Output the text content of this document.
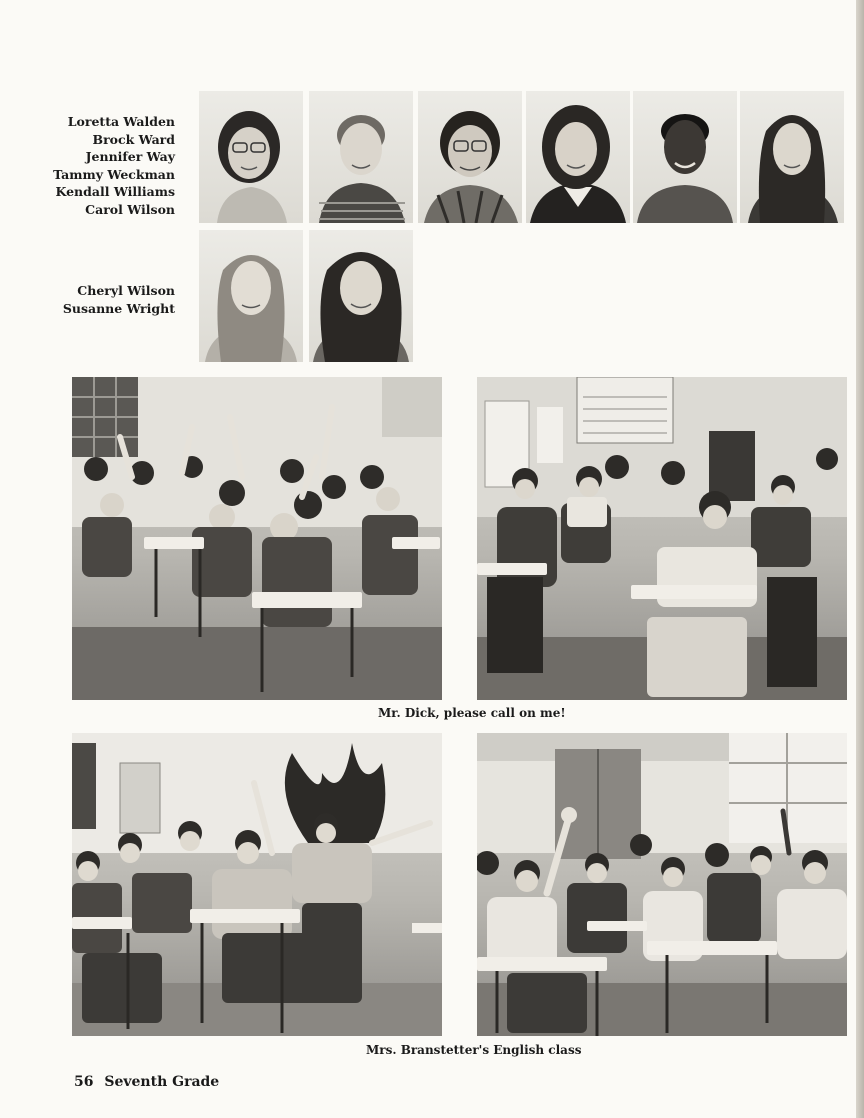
Loretta Walden
Brock Ward
Jennifer Way
Tammy Weckman
Kendall Williams
Carol Wilson
Cheryl Wilson
Susanne Wright
Mr. Dick, please call on me!
Mrs. Branstetter's English class
56 Seventh Grade
